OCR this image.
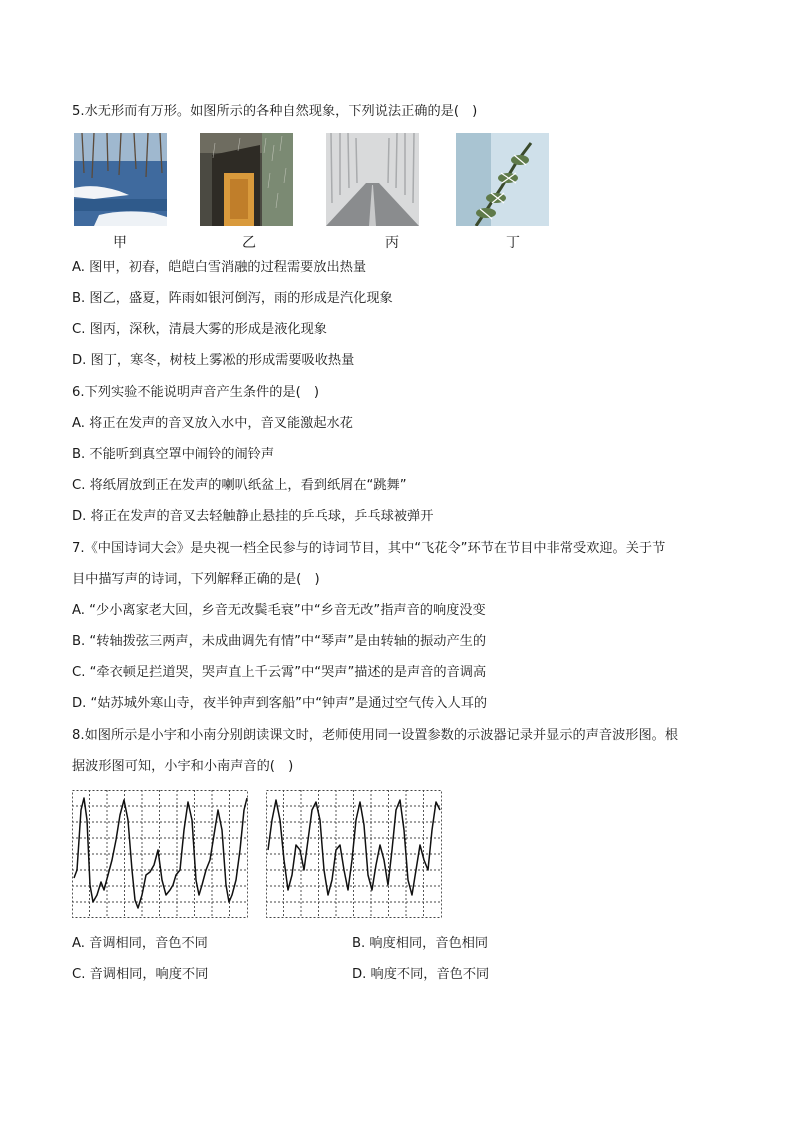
5.水无形而有万形。如图所示的各种自然现象，下列说法正确的是(　)
甲	乙	丙	丁
A. 图甲，初春，皑皑白雪消融的过程需要放出热量
B. 图乙，盛夏，阵雨如银河倒泻，雨的形成是汽化现象
C. 图丙，深秋，清晨大雾的形成是液化现象
D. 图丁，寒冬，树枝上雾凇的形成需要吸收热量
6.下列实验不能说明声音产生条件的是(　)
A. 将正在发声的音叉放入水中，音叉能激起水花
B. 不能听到真空罩中闹铃的闹铃声
C. 将纸屑放到正在发声的喇叭纸盆上，看到纸屑在“跳舞”
D. 将正在发声的音叉去轻触静止悬挂的乒乓球，乒乓球被弹开
7.《中国诗词大会》是央视一档全民参与的诗词节目，其中“飞花令”环节在节目中非常受欢迎。关于节
目中描写声的诗词，下列解释正确的是(　)
A. “少小离家老大回，乡音无改鬓毛衰”中“乡音无改”指声音的响度没变
B. “转轴拨弦三两声，未成曲调先有情”中“琴声”是由转轴的振动产生的
C. “牵衣顿足拦道哭，哭声直上千云霄”中“哭声”描述的是声音的音调高
D. “姑苏城外寒山寺，夜半钟声到客船”中“钟声”是通过空气传入人耳的
8.如图所示是小宇和小南分别朗读课文时，老师使用同一设置参数的示波器记录并显示的声音波形图。根
据波形图可知，小宇和小南声音的(　)
A. 音调相同，音色不同	B. 响度相同，音色相同
C. 音调相同，响度不同	D. 响度不同，音色不同
